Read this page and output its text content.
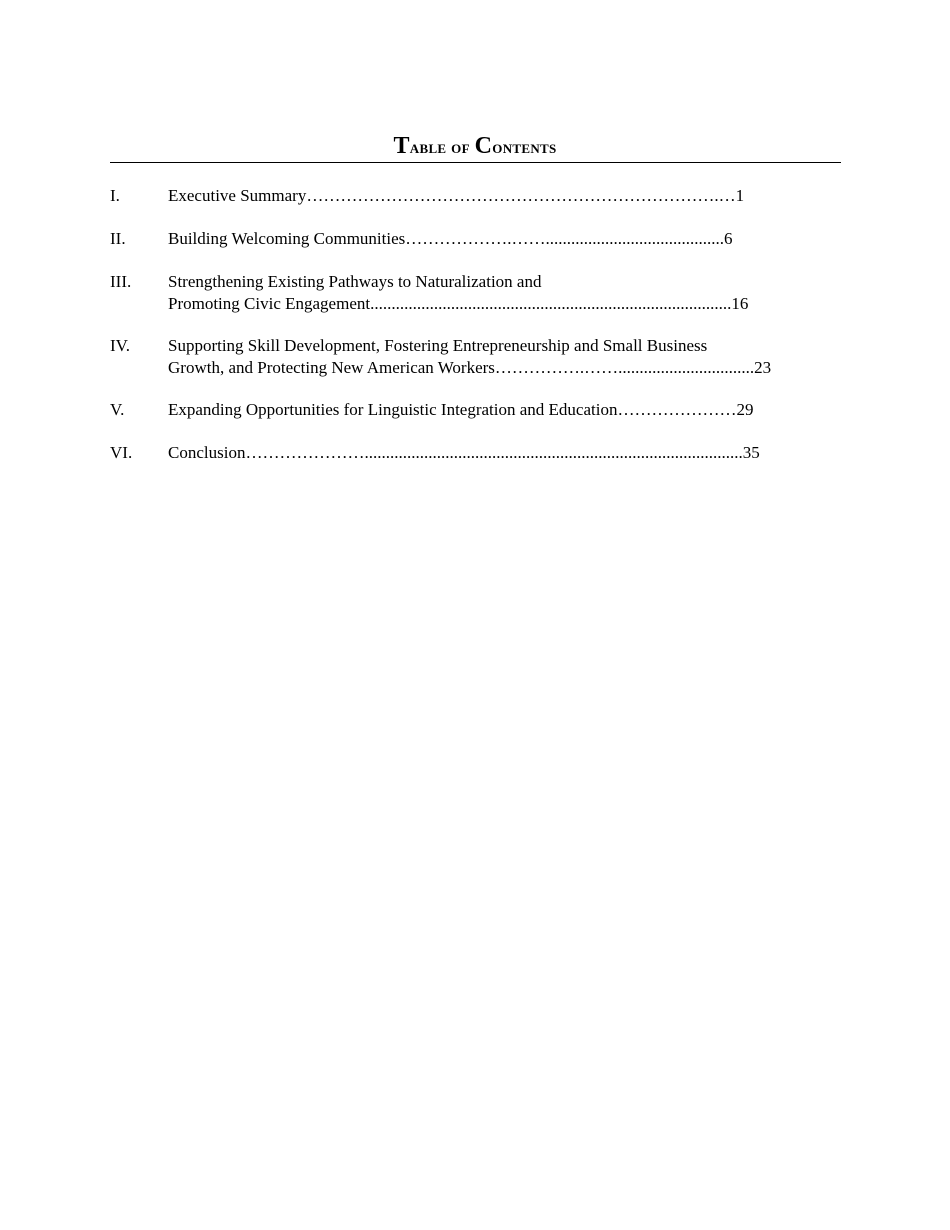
Table of Contents
I.	Executive Summary……………………………………………………………….…1
II. Building Welcoming Communities……………….……..........................................6
III. Strengthening Existing Pathways to Naturalization and
Promoting Civic Engagement.....................................................................................16
IV. Supporting Skill Development, Fostering Entrepreneurship and Small Business
Growth, and Protecting New American Workers…………….……................................23
V.	Expanding Opportunities for Linguistic Integration and Education…………………29
VI. Conclusion………………….........................................................................................35
